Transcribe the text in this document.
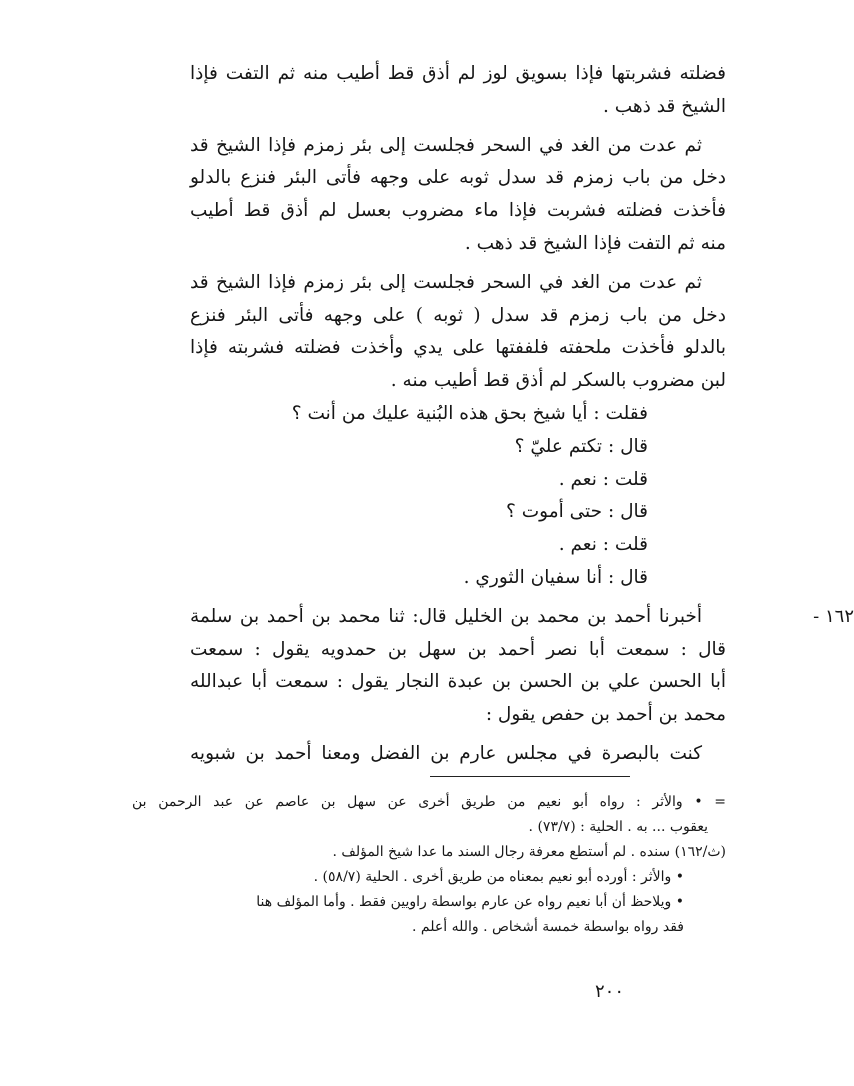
فضلته فشربتها فإذا بسويق لوز لم أذق قط أطيب منه ثم التفت فإذا
الشيخ قد ذهب .
ثم عدت من الغد في السحر فجلست إلى بئر زمزم فإذا الشيخ قد
دخل من باب زمزم قد سدل ثوبه على وجهه فأتى البئر فنزع بالدلو
فأخذت فضلته فشربت فإذا ماء مضروب بعسل لم أذق قط أطيب
منه ثم التفت فإذا الشيخ قد ذهب .
ثم عدت من الغد في السحر فجلست إلى بئر زمزم فإذا الشيخ قد
دخل من باب زمزم قد سدل ( ثوبه ) على وجهه فأتى البئر فنزع
بالدلو فأخذت ملحفته فلففتها على يدي وأخذت فضلته فشربته فإذا
لبن مضروب بالسكر لم أذق قط أطيب منه .
فقلت : أيا شيخ بحق هذه البُنية عليك من أنت ؟
قال : تكتم عليّ ؟
قلت : نعم .
قال : حتى أموت ؟
قلت : نعم .
قال : أنا سفيان الثوري .
١٦٢ -
أخبرنا أحمد بن محمد بن الخليل قال: ثنا محمد بن أحمد بن سلمة
قال : سمعت أبا نصر أحمد بن سهل بن حمدويه يقول : سمعت
أبا الحسن علي بن الحسن بن عبدة النجار يقول : سمعت أبا عبدالله
محمد بن أحمد بن حفص يقول :
كنت بالبصرة في مجلس عارم بن الفضل ومعنا أحمد بن شبويه
= • والأثر : رواه أبو نعيم من طريق أخرى عن سهل بن عاصم عن عبد الرحمن بن
يعقوب ... به . الحلية : (٧٣/٧) .
(ث/١٦٢) سنده . لم أستطع معرفة رجال السند ما عدا شيخ المؤلف .
• والأثر : أورده أبو نعيم بمعناه من طريق أخرى . الحلية (٥٨/٧) .
• ويلاحظ أن أبا نعيم رواه عن عارم بواسطة راويين فقط . وأما المؤلف هنا
فقد رواه بواسطة خمسة أشخاص . والله أعلم .
٢٠٠
